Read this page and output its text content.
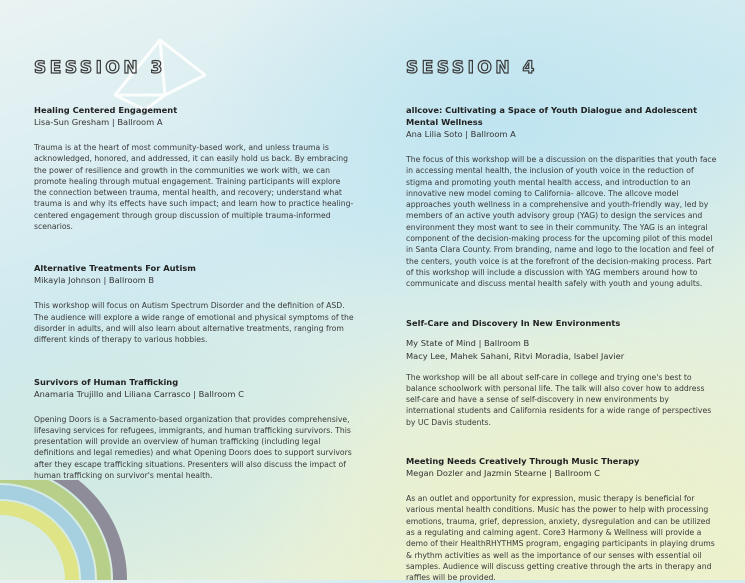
SESSION 3
Healing Centered Engagement
Lisa-Sun Gresham | Ballroom A
Trauma is at the heart of most community-based work, and unless trauma is acknowledged, honored, and addressed, it can easily hold us back. By embracing the power of resilience and growth in the communities we work with, we can promote healing through mutual engagement. Training participants will explore the connection between trauma, mental health, and recovery; understand what trauma is and why its effects have such impact; and learn how to practice healing-centered engagement through group discussion of multiple trauma-informed scenarios.
Alternative Treatments For Autism
Mikayla Johnson | Ballroom B
This workshop will focus on Autism Spectrum Disorder and the definition of ASD. The audience will explore a wide range of emotional and physical symptoms of the disorder in adults, and will also learn about alternative treatments, ranging from different kinds of therapy to various hobbies.
Survivors of Human Trafficking
Anamaria Trujillo and Liliana Carrasco | Ballroom C
Opening Doors is a Sacramento-based organization that provides comprehensive, lifesaving services for refugees, immigrants, and human trafficking survivors. This presentation will provide an overview of human trafficking (including legal definitions and legal remedies) and what Opening Doors does to support survivors after they escape trafficking situations. Presenters will also discuss the impact of human trafficking on survivor's mental health.
SESSION 4
allcove: Cultivating a Space of Youth Dialogue and Adolescent Mental Wellness
Ana Lilia Soto | Ballroom A
The focus of this workshop will be a discussion on the disparities that youth face in accessing mental health, the inclusion of youth voice in the reduction of stigma and promoting youth mental health access, and introduction to an innovative new model coming to California- allcove. The allcove model approaches youth wellness in a comprehensive and youth-friendly way, led by members of an active youth advisory group (YAG) to design the services and environment they most want to see in their community. The YAG is an integral component of the decision-making process for the upcoming pilot of this model in Santa Clara County. From branding, name and logo to the location and feel of the centers, youth voice is at the forefront of the decision-making process. Part of this workshop will include a discussion with YAG members around how to communicate and discuss mental health safely with youth and young adults.
Self-Care and Discovery In New Environments
My State of Mind | Ballroom B
Macy Lee, Mahek Sahani, Ritvi Moradia, Isabel Javier
The workshop will be all about self-care in college and trying one's best to balance schoolwork with personal life. The talk will also cover how to address self-care and have a sense of self-discovery in new environments by international students and California residents for a wide range of perspectives by UC Davis students.
Meeting Needs Creatively Through Music Therapy
Megan Dozler and Jazmin Stearne | Ballroom C
As an outlet and opportunity for expression, music therapy is beneficial for various mental health conditions. Music has the power to help with processing emotions, trauma, grief, depression, anxiety, dysregulation and can be utilized as a regulating and calming agent. Core3 Harmony & Wellness will provide a demo of their HealthRHYTHMS program, engaging participants in playing drums & rhythm activities as well as the importance of our senses with essential oil samples. Audience will discuss getting creative through the arts in therapy and raffles will be provided.
